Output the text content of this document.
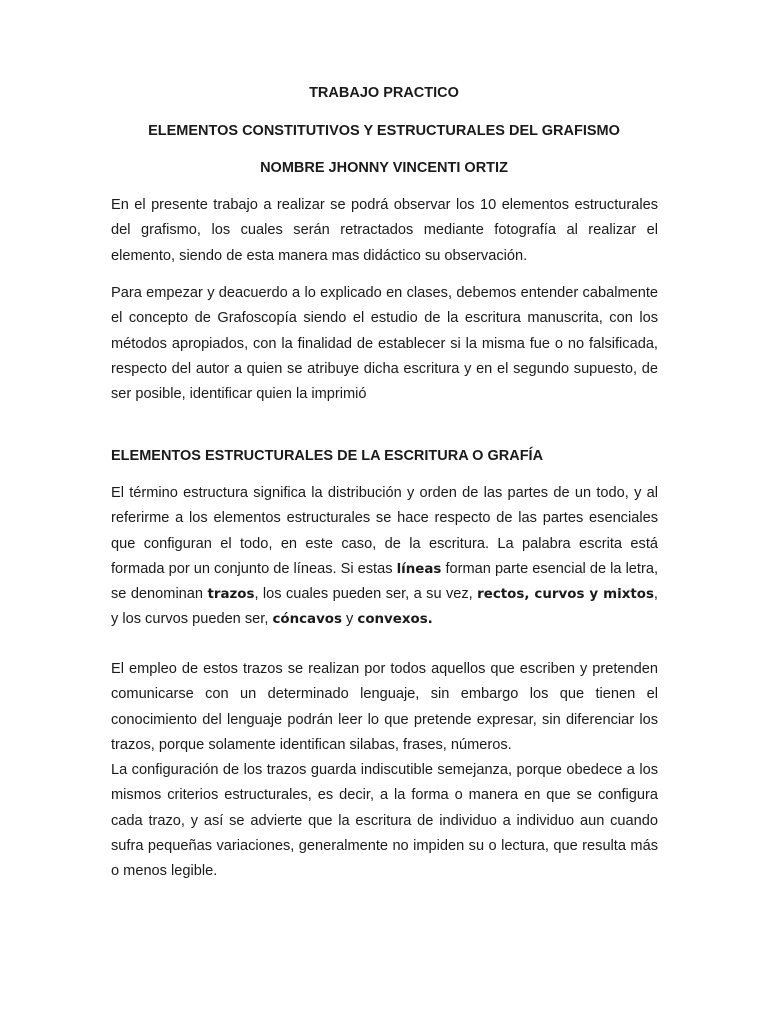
TRABAJO PRACTICO
ELEMENTOS CONSTITUTIVOS Y ESTRUCTURALES DEL GRAFISMO
NOMBRE JHONNY VINCENTI ORTIZ

En el presente trabajo a realizar se podrá observar los 10 elementos estructurales del grafismo, los cuales serán retractados mediante fotografía al realizar el elemento, siendo de esta manera mas didáctico su observación.

Para empezar y deacuerdo a lo explicado en clases, debemos entender cabalmente el concepto de Grafoscopía siendo el estudio de la escritura manuscrita, con los métodos apropiados, con la finalidad de establecer si la misma fue o no falsificada, respecto del autor a quien se atribuye dicha escritura y en el segundo supuesto, de ser posible, identificar quien la imprimió

ELEMENTOS ESTRUCTURALES DE LA ESCRITURA O GRAFÍA

El término estructura significa la distribución y orden de las partes de un todo, y al referirme a los elementos estructurales se hace respecto de las partes esenciales que configuran el todo, en este caso, de la escritura. La palabra escrita está formada por un conjunto de líneas. Si estas líneas forman parte esencial de la letra, se denominan trazos, los cuales pueden ser, a su vez, rectos, curvos y mixtos, y los curvos pueden ser, cóncavos y convexos.

El empleo de estos trazos se realizan por todos aquellos que escriben y pretenden comunicarse con un determinado lenguaje, sin embargo los que tienen el conocimiento del lenguaje podrán leer lo que pretende expresar, sin diferenciar los trazos, porque solamente identifican silabas, frases, números.

La configuración de los trazos guarda indiscutible semejanza, porque obedece a los mismos criterios estructurales, es decir, a la forma o manera en que se configura cada trazo, y así se advierte que la escritura de individuo a individuo aun cuando sufra pequeñas variaciones, generalmente no impiden su o lectura, que resulta más o menos legible.
